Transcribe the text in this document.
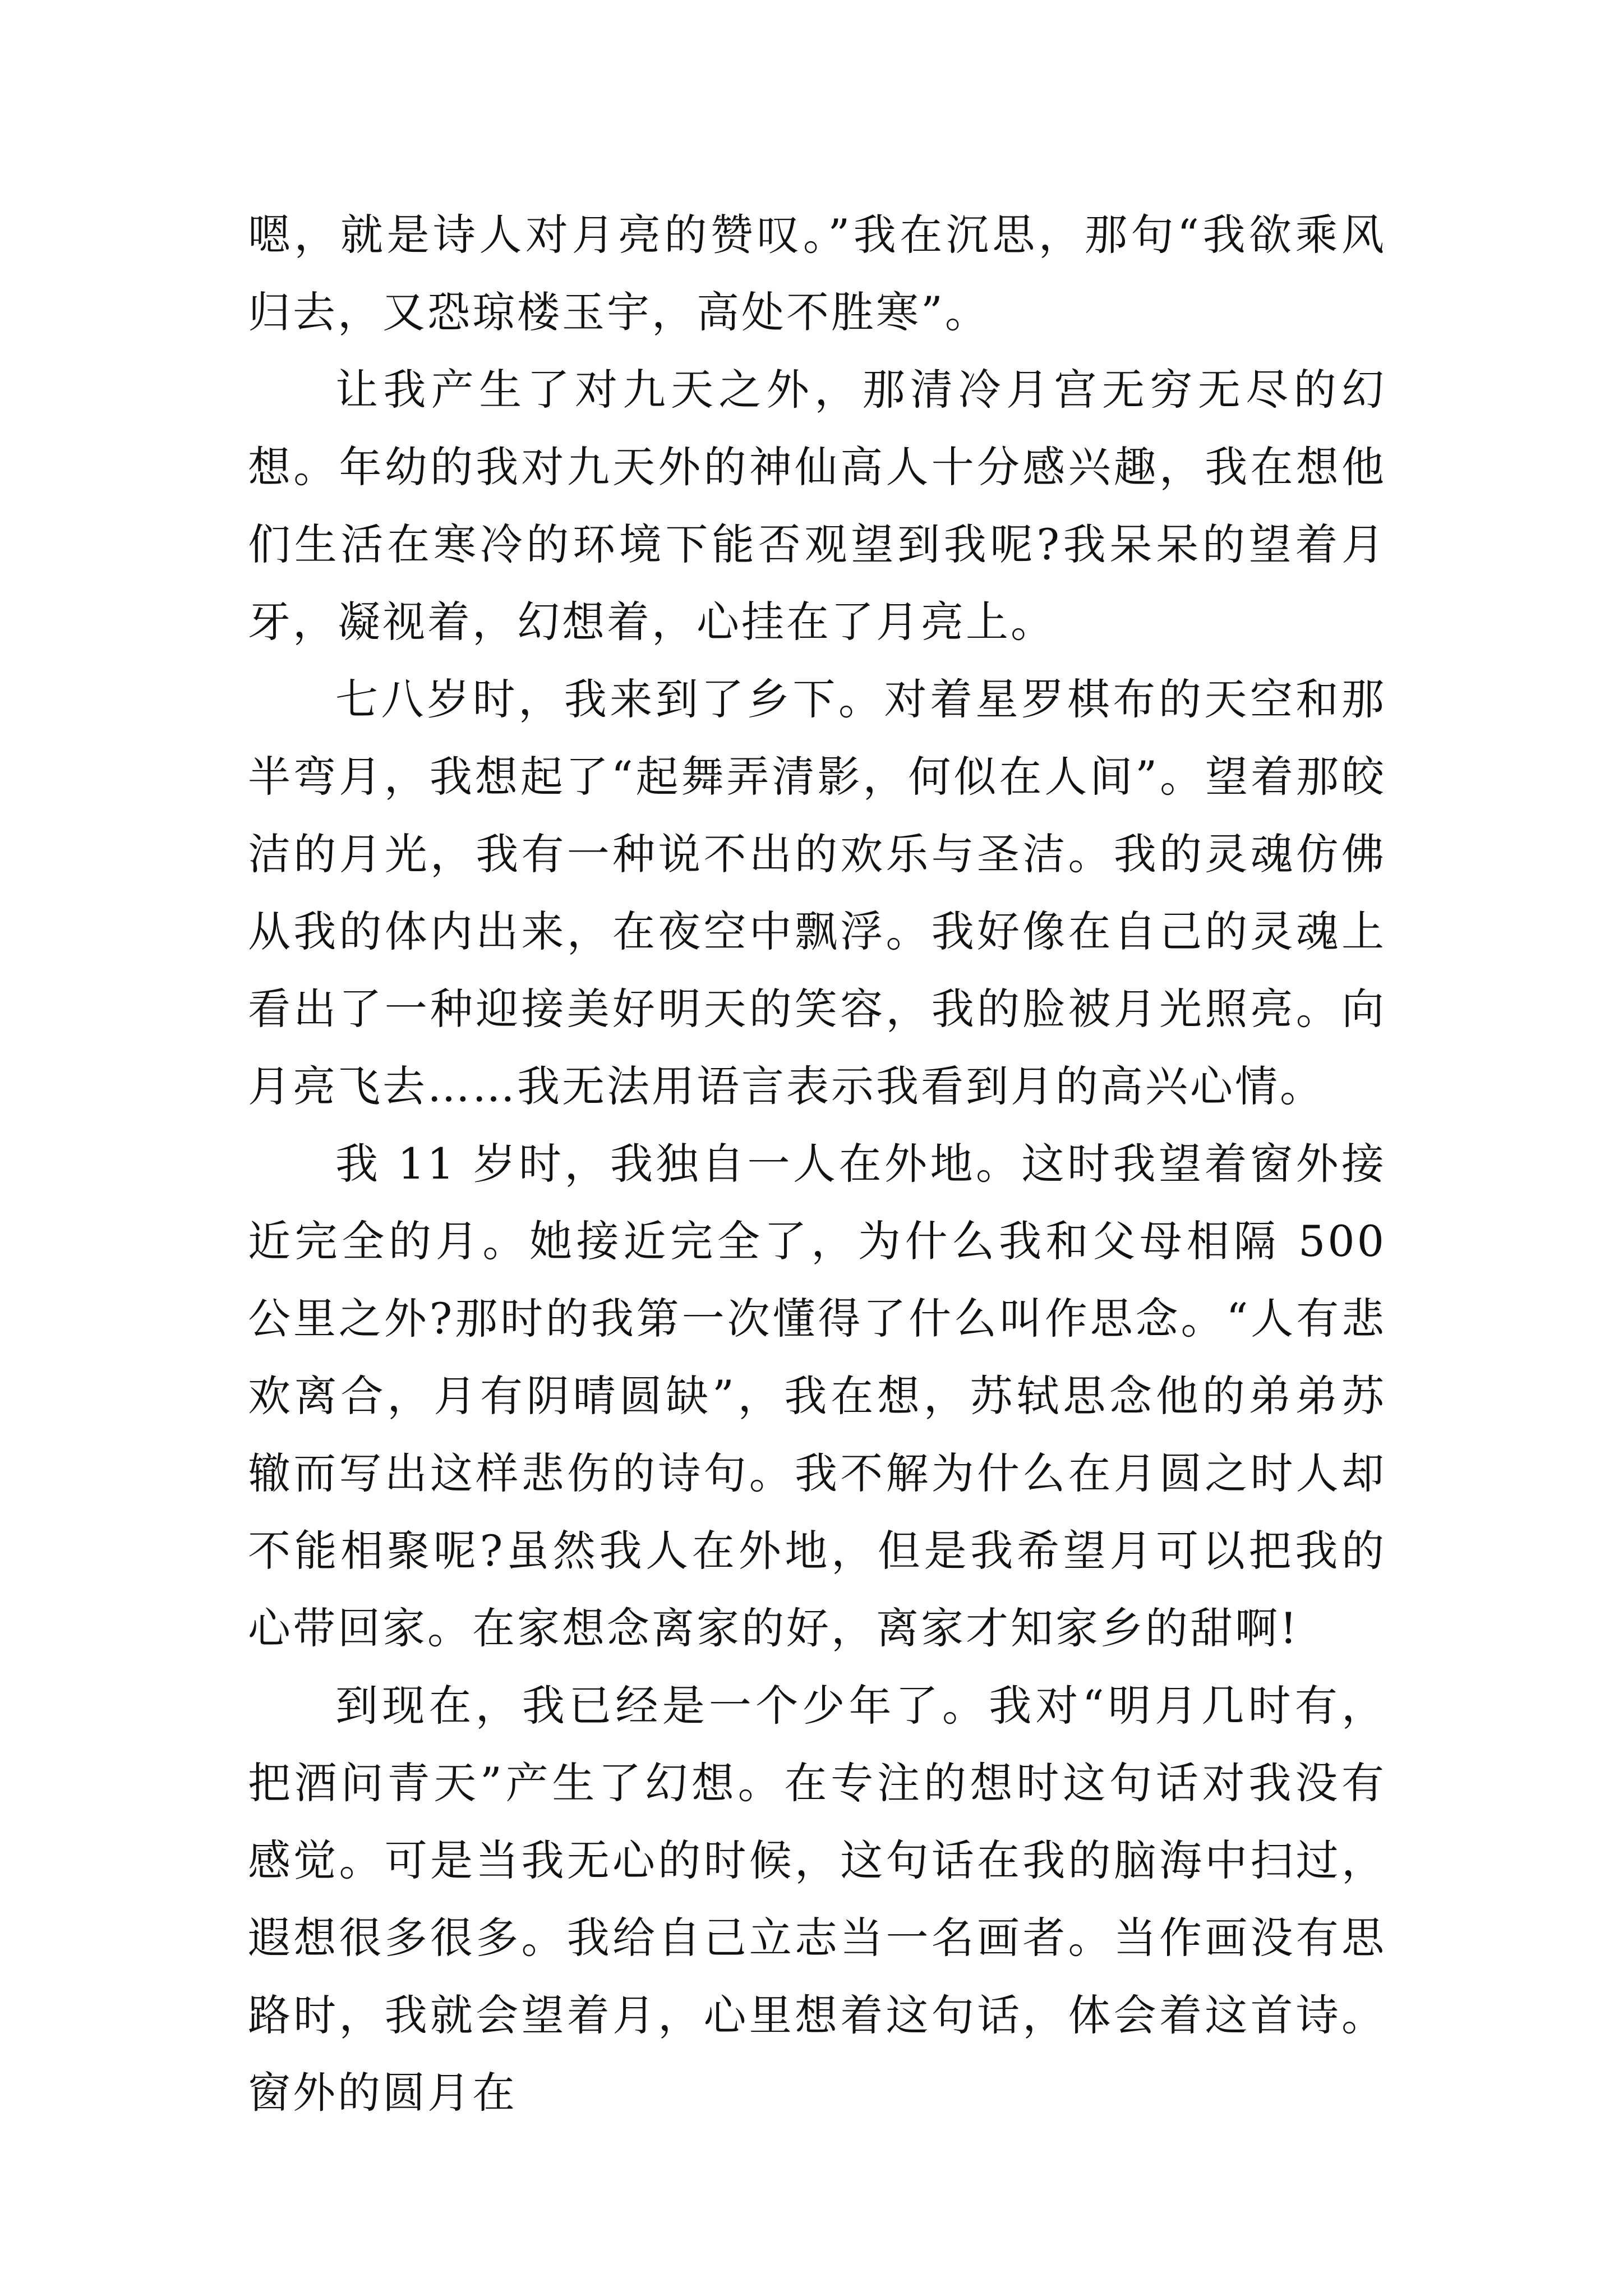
嗯，就是诗人对月亮的赞叹。”我在沉思，那句“我欲乘风归去，又恐琼楼玉宇，高处不胜寒”。

让我产生了对九天之外，那清冷月宫无穷无尽的幻想。年幼的我对九天外的神仙高人十分感兴趣，我在想他们生活在寒冷的环境下能否观望到我呢?我呆呆的望着月牙，凝视着，幻想着，心挂在了月亮上。

七八岁时，我来到了乡下。对着星罗棋布的天空和那半弯月，我想起了“起舞弄清影，何似在人间”。望着那皎洁的月光，我有一种说不出的欢乐与圣洁。我的灵魂仿佛从我的体内出来，在夜空中飘浮。我好像在自己的灵魂上看出了一种迎接美好明天的笑容，我的脸被月光照亮。向月亮飞去……我无法用语言表示我看到月的高兴心情。

我 11 岁时，我独自一人在外地。这时我望着窗外接近完全的月。她接近完全了，为什么我和父母相隔 500 公里之外?那时的我第一次懂得了什么叫作思念。“人有悲欢离合，月有阴晴圆缺”，我在想，苏轼思念他的弟弟苏辙而写出这样悲伤的诗句。我不解为什么在月圆之时人却不能相聚呢?虽然我人在外地，但是我希望月可以把我的心带回家。在家想念离家的好，离家才知家乡的甜啊!

到现在，我已经是一个少年了。我对“明月几时有，把酒问青天”产生了幻想。在专注的想时这句话对我没有感觉。可是当我无心的时候，这句话在我的脑海中扫过，遐想很多很多。我给自己立志当一名画者。当作画没有思路时，我就会望着月，心里想着这句话，体会着这首诗。窗外的圆月在
